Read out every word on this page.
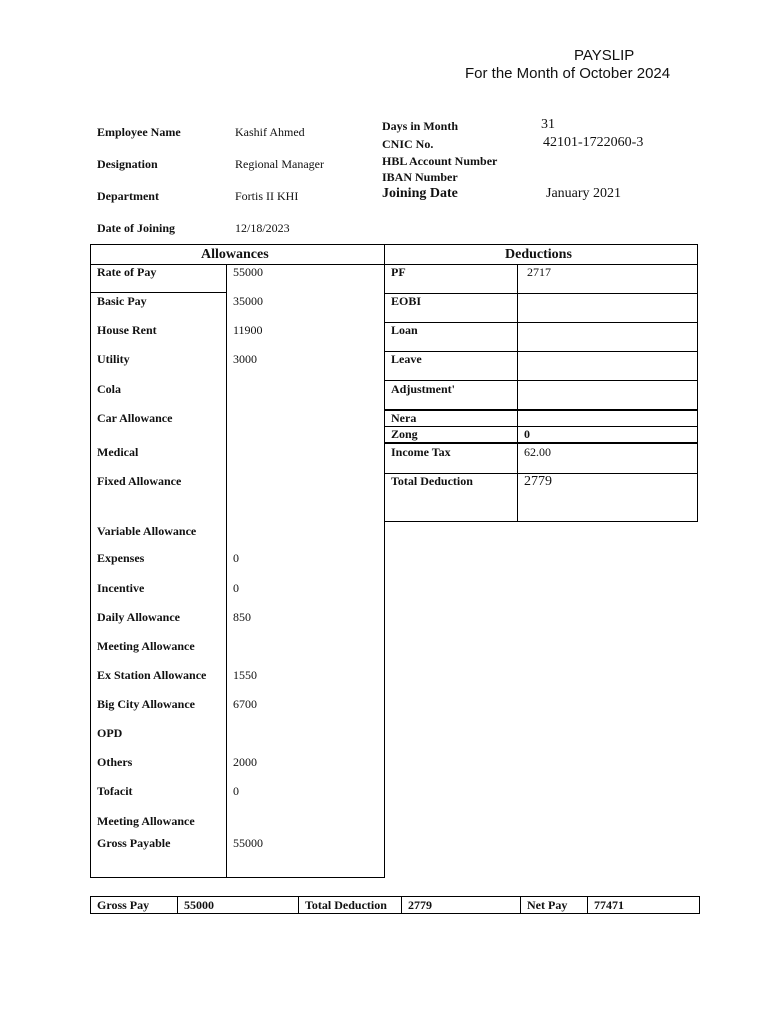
PAYSLIP
For the Month of October 2024
Employee Name	Kashif Ahmed
Designation	Regional Manager
Department	Fortis II KHI
Date of Joining	12/18/2023
Days in Month	31
CNIC No.	42101-1722060-3
HBL Account Number
IBAN Number
Joining Date	January 2021
Allowances
Rate of Pay	55000
Basic Pay	35000
House Rent	11900
Utility	3000
Cola
Car Allowance
Medical
Fixed Allowance
Variable Allowance
Expenses	0
Incentive	0
Daily Allowance	850
Meeting Allowance
Ex Station Allowance 1550
Big City Allowance	6700
OPD
Others	2000
Tofacit	0
Meeting Allowance
Gross Payable	55000
Deductions
PF	2717
EOBI
Loan
Leave
Adjustment'
Nera
Zong	0
Income Tax	62.00
Total Deduction	2779
Gross Pay	55000	Total Deduction	2779	Net Pay	77471
